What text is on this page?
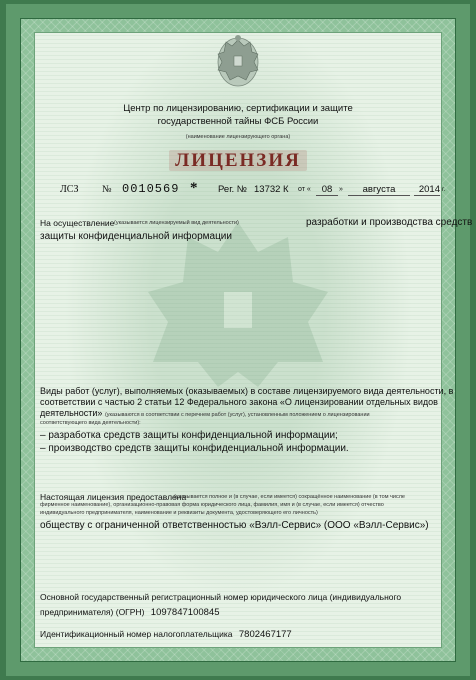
Центр по лицензированию, сертификации и защите
государственной тайны ФСБ России
(наименование лицензирующего органа)
ЛИЦЕНЗИЯ
ЛСЗ № 0010569 * Рег. № 13732 К от «	08 »	августа	2014 г.
На осуществление (указывается лицензируемый вид деятельности)	разработки и производства средств
защиты конфиденциальной информации
Виды работ (услуг), выполняемых (оказываемых) в составе лицензируемого вида деятельности, в
соответствии с частью 2 статьи 12 Федерального закона «О лицензировании отдельных видов
деятельности» (указываются в соответствии с перечнем работ (услуг), установленным положением о лицензировании
соответствующего вида деятельности):
– разработка средств защиты конфиденциальной информации;
– производство средств защиты конфиденциальной информации.
Настоящая лицензия предоставлена
(указывается полное и (в случае, если имеется) сокращённое наименование (в том числе
фирменное наименование), организационно-правовая форма юридического лица, фамилия, имя и (в случае, если имеется) отчество
индивидуального предпринимателя, наименование и реквизиты документа, удостоверяющего его личность)
обществу с ограниченной ответственностью «Вэлл-Сервис» (ООО «Вэлл-Сервис»)
Основной государственный регистрационный номер юридического лица (индивидуального
предпринимателя) (ОГРН) 1097847100845
Идентификационный номер налогоплательщика 7802467177
